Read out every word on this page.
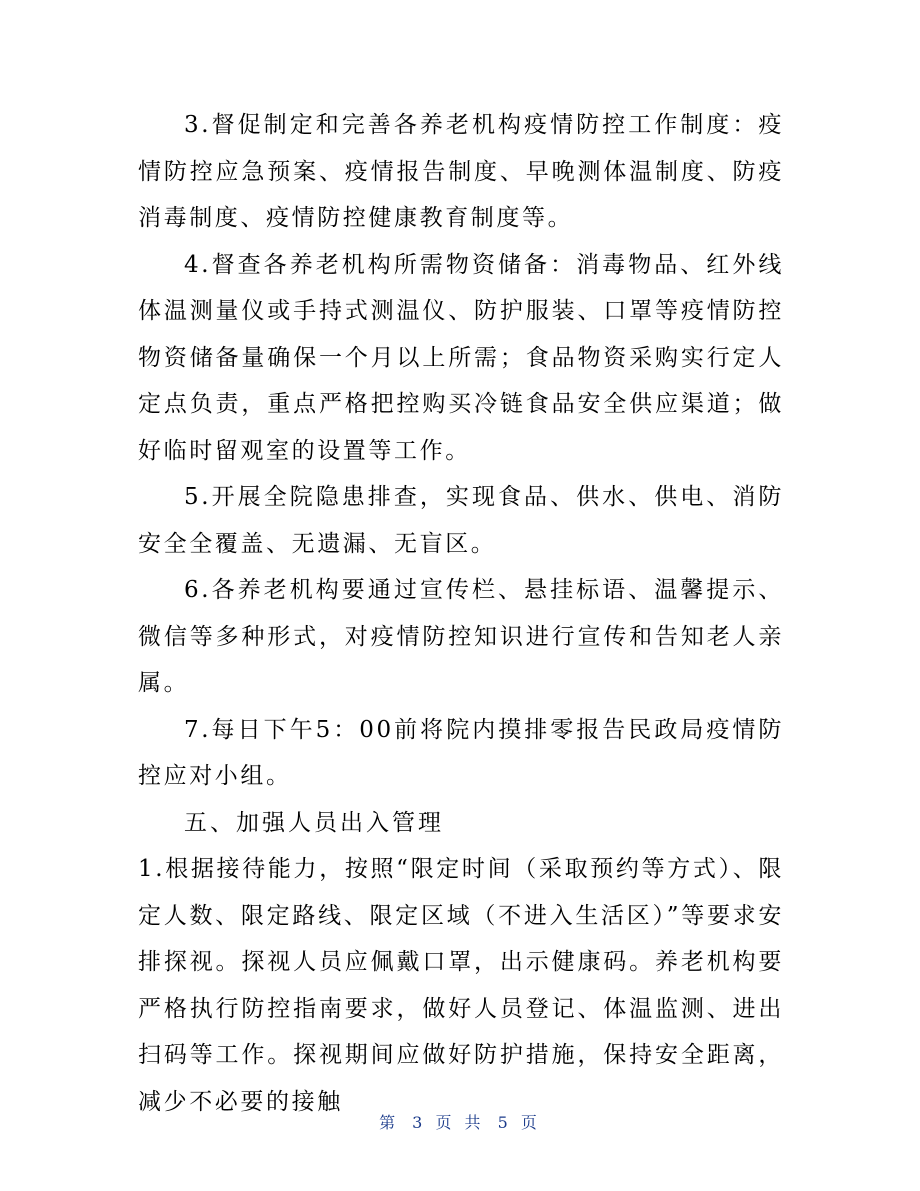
3.督促制定和完善各养老机构疫情防控工作制度：疫情防控应急预案、疫情报告制度、早晚测体温制度、防疫消毒制度、疫情防控健康教育制度等。

4.督查各养老机构所需物资储备：消毒物品、红外线体温测量仪或手持式测温仪、防护服装、口罩等疫情防控物资储备量确保一个月以上所需；食品物资采购实行定人定点负责，重点严格把控购买冷链食品安全供应渠道；做好临时留观室的设置等工作。

5.开展全院隐患排查，实现食品、供水、供电、消防安全全覆盖、无遗漏、无盲区。

6.各养老机构要通过宣传栏、悬挂标语、温馨提示、微信等多种形式，对疫情防控知识进行宣传和告知老人亲属。

7.每日下午5：00前将院内摸排零报告民政局疫情防控应对小组。

五、加强人员出入管理

1.根据接待能力，按照“限定时间（采取预约等方式）、限定人数、限定路线、限定区域（不进入生活区）”等要求安排探视。探视人员应佩戴口罩，出示健康码。养老机构要严格执行防控指南要求，做好人员登记、体温监测、进出扫码等工作。探视期间应做好防护措施，保持安全距离，减少不必要的接触

第 3 页 共 5 页
